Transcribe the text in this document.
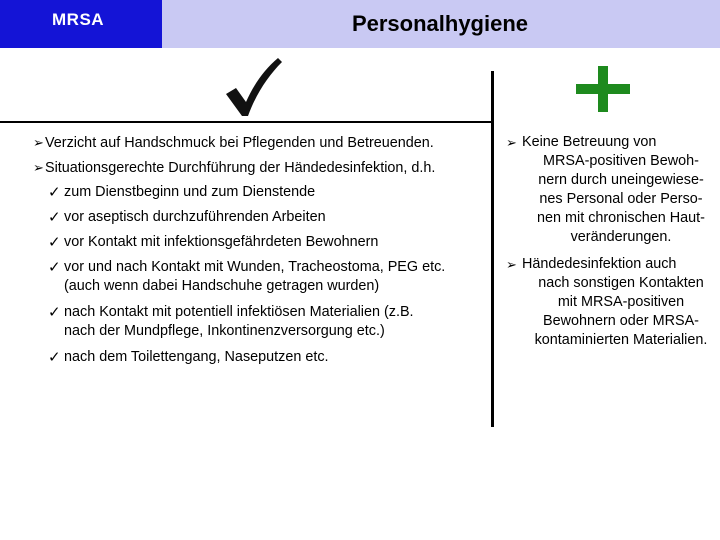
MRSA	Personalhygiene
➢Verzicht auf Handschmuck bei Pflegenden und Betreuenden.
➢Situationsgerechte Durchführung der Händedesinfektion, d.h.
✓ zum Dienstbeginn und zum Dienstende
✓ vor aseptisch durchzuführenden Arbeiten
✓ vor Kontakt mit infektionsgefährdeten Bewohnern
✓ vor und nach Kontakt mit Wunden, Tracheostoma, PEG etc.
(auch wenn dabei Handschuhe getragen wurden)
✓ nach Kontakt mit potentiell infektiösen Materialien (z.B.
nach der Mundpflege, Inkontinenzversorgung etc.)
✓ nach dem Toilettengang, Naseputzen etc.
➢ Keine Betreuung von
MRSA-positiven Bewoh-
nern durch uneingewiese-
nes Personal oder Perso-
nen mit chronischen Haut-
veränderungen.
➢ Händedesinfektion auch
nach sonstigen Kontakten
mit MRSA-positiven
Bewohnern oder MRSA-
kontaminierten Materialien.
